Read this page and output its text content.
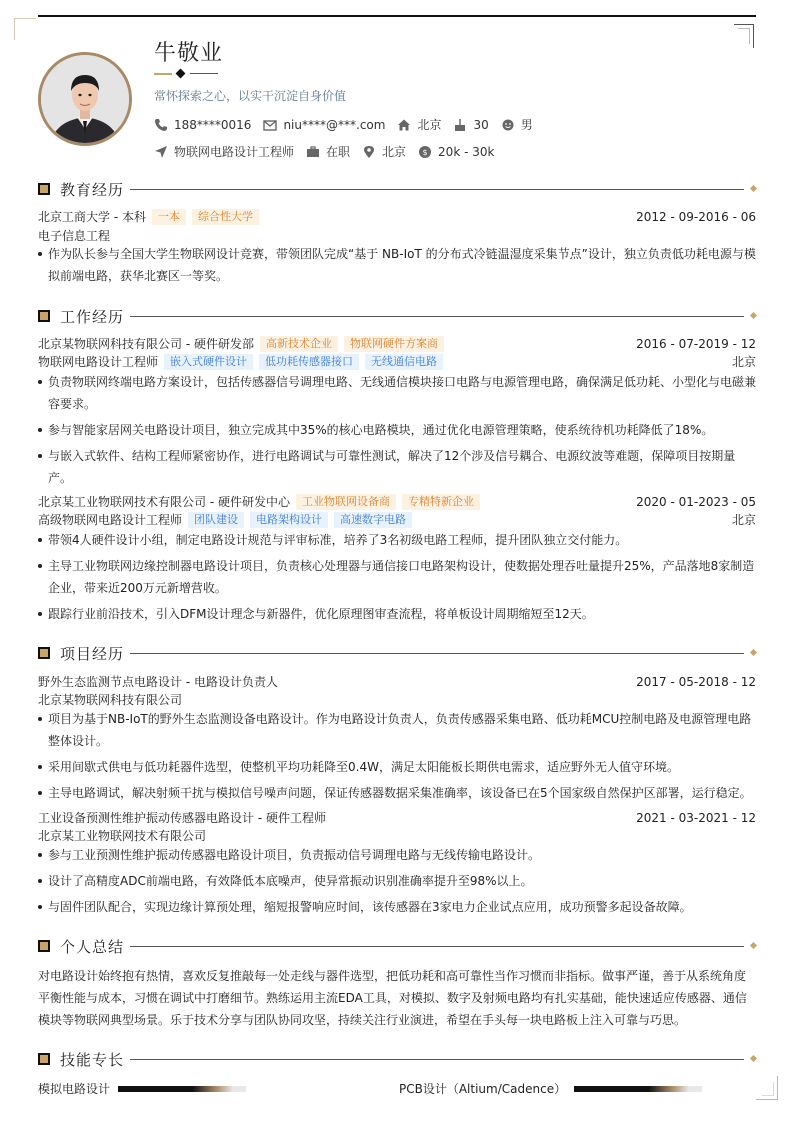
牛敬业
常怀探索之心，以实干沉淀自身价值
188****0016	niu****@***.com	北京	30	男
物联网电路设计工程师	在职	北京 $ 20k - 30k
教育经历
北京工商大学 - 本科	一本	综合性大学	2012 - 09-2016 - 06
电子信息工程
作为队长参与全国大学生物联网设计竞赛，带领团队完成“基于 NB-IoT 的分布式冷链温湿度采集节点”设计，独立负责低功耗电源与模拟前端电路，获华北赛区一等奖。
工作经历
北京某物联网科技有限公司 - 硬件研发部	高新技术企业	物联网硬件方案商	2016 - 07-2019 - 12
物联网电路设计工程师	嵌入式硬件设计	低功耗传感器接口	无线通信电路	北京
负责物联网终端电路方案设计，包括传感器信号调理电路、无线通信模块接口电路与电源管理电路，确保满足低功耗、小型化与电磁兼容要求。
参与智能家居网关电路设计项目，独立完成其中35%的核心电路模块，通过优化电源管理策略，使系统待机功耗降低了18%。
与嵌入式软件、结构工程师紧密协作，进行电路调试与可靠性测试，解决了12个涉及信号耦合、电源纹波等难题，保障项目按期量产。
北京某工业物联网技术有限公司 - 硬件研发中心	工业物联网设备商	专精特新企业	2020 - 01-2023 - 05
高级物联网电路设计工程师	团队建设	电路架构设计	高速数字电路	北京
带领4人硬件设计小组，制定电路设计规范与评审标准，培养了3名初级电路工程师，提升团队独立交付能力。
主导工业物联网边缘控制器电路设计项目，负责核心处理器与通信接口电路架构设计，使数据处理吞吐量提升25%，产品落地8家制造企业，带来近200万元新增营收。
跟踪行业前沿技术，引入DFM设计理念与新器件，优化原理图审查流程，将单板设计周期缩短至12天。
项目经历
野外生态监测节点电路设计 - 电路设计负责人	2017 - 05-2018 - 12
北京某物联网科技有限公司
项目为基于NB-IoT的野外生态监测设备电路设计。作为电路设计负责人，负责传感器采集电路、低功耗MCU控制电路及电源管理电路整体设计。
采用间歇式供电与低功耗器件选型，使整机平均功耗降至0.4W，满足太阳能板长期供电需求，适应野外无人值守环境。
主导电路调试，解决射频干扰与模拟信号噪声问题，保证传感器数据采集准确率，该设备已在5个国家级自然保护区部署，运行稳定。
工业设备预测性维护振动传感器电路设计 - 硬件工程师	2021 - 03-2021 - 12
北京某工业物联网技术有限公司
参与工业预测性维护振动传感器电路设计项目，负责振动信号调理电路与无线传输电路设计。
设计了高精度ADC前端电路，有效降低本底噪声，使异常振动识别准确率提升至98%以上。
与固件团队配合，实现边缘计算预处理，缩短报警响应时间，该传感器在3家电力企业试点应用，成功预警多起设备故障。
个人总结
对电路设计始终抱有热情，喜欢反复推敲每一处走线与器件选型，把低功耗和高可靠性当作习惯而非指标。做事严谨，善于从系统角度平衡性能与成本，习惯在调试中打磨细节。熟练运用主流EDA工具，对模拟、数字及射频电路均有扎实基础，能快速适应传感器、通信模块等物联网典型场景。乐于技术分享与团队协同攻坚，持续关注行业演进，希望在手头每一块电路板上注入可靠与巧思。
技能专长
模拟电路设计	PCB设计（Altium/Cadence）
